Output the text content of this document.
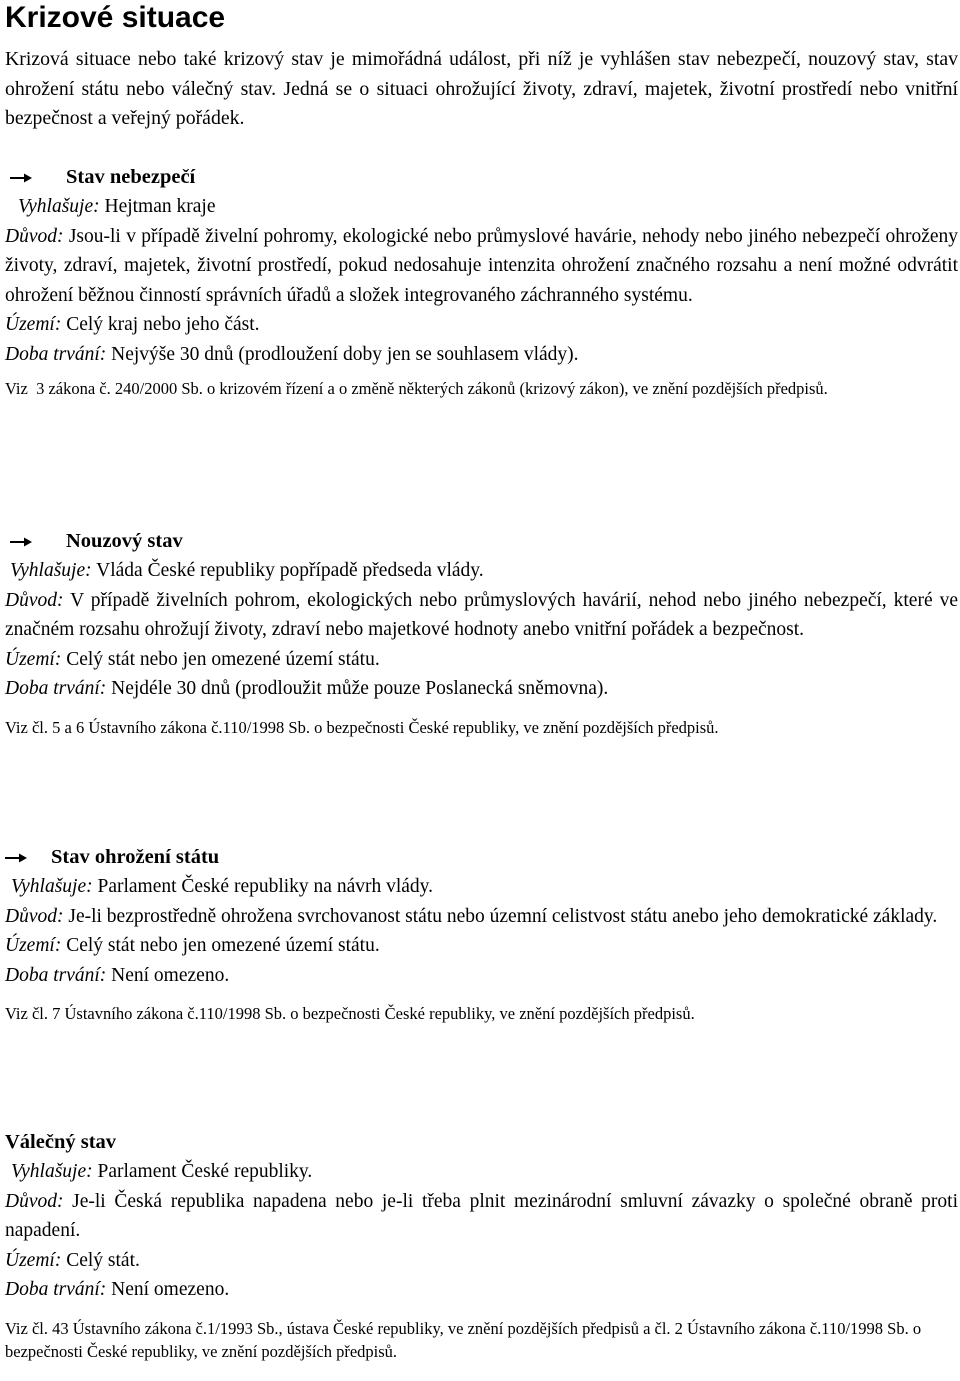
Krizové situace

Krizová situace nebo také krizový stav je mimořádná událost, při níž je vyhlášen stav nebezpečí, nouzový stav, stav ohrožení státu nebo válečný stav. Jedná se o situaci ohrožující životy, zdraví, majetek, životní prostředí nebo vnitřní bezpečnost a veřejný pořádek.

Stav nebezpečí

Vyhlašuje: Hejtman kraje

Důvod: Jsou-li v případě živelní pohromy, ekologické nebo průmyslové havárie, nehody nebo jiného nebezpečí ohroženy životy, zdraví, majetek, životní prostředí, pokud nedosahuje intenzita ohrožení značného rozsahu a není možné odvrátit ohrožení běžnou činností správních úřadů a složek integrovaného záchranného systému.

Území: Celý kraj nebo jeho část.

Doba trvání: Nejvýše 30 dnů (prodloužení doby jen se souhlasem vlády).

Viz  3 zákona č. 240/2000 Sb. o krizovém řízení a o změně některých zákonů (krizový zákon), ve znění pozdějších předpisů.

Nouzový stav

Vyhlašuje: Vláda České republiky popřípadě předseda vlády.

Důvod: V případě živelních pohrom, ekologických nebo průmyslových havárií, nehod nebo jiného nebezpečí, které ve značném rozsahu ohrožují životy, zdraví nebo majetkové hodnoty anebo vnitřní pořádek a bezpečnost.

Území: Celý stát nebo jen omezené území státu.

Doba trvání: Nejdéle 30 dnů (prodloužit může pouze Poslanecká sněmovna).

Viz čl. 5 a 6 Ústavního zákona č.110/1998 Sb. o bezpečnosti České republiky, ve znění pozdějších předpisů.

Stav ohrožení státu

Vyhlašuje: Parlament České republiky na návrh vlády.

Důvod: Je-li bezprostředně ohrožena svrchovanost státu nebo územní celistvost státu anebo jeho demokratické základy.

Území: Celý stát nebo jen omezené území státu.

Doba trvání: Není omezeno.

Viz čl. 7 Ústavního zákona č.110/1998 Sb. o bezpečnosti České republiky, ve znění pozdějších předpisů.

Válečný stav

Vyhlašuje: Parlament České republiky.

Důvod: Je-li Česká republika napadena nebo je-li třeba plnit mezinárodní smluvní závazky o společné obraně proti napadení.

Území: Celý stát.

Doba trvání: Není omezeno.

Viz čl. 43 Ústavního zákona č.1/1993 Sb., ústava České republiky, ve znění pozdějších předpisů a čl. 2 Ústavního zákona č.110/1998 Sb. o bezpečnosti České republiky, ve znění pozdějších předpisů.
